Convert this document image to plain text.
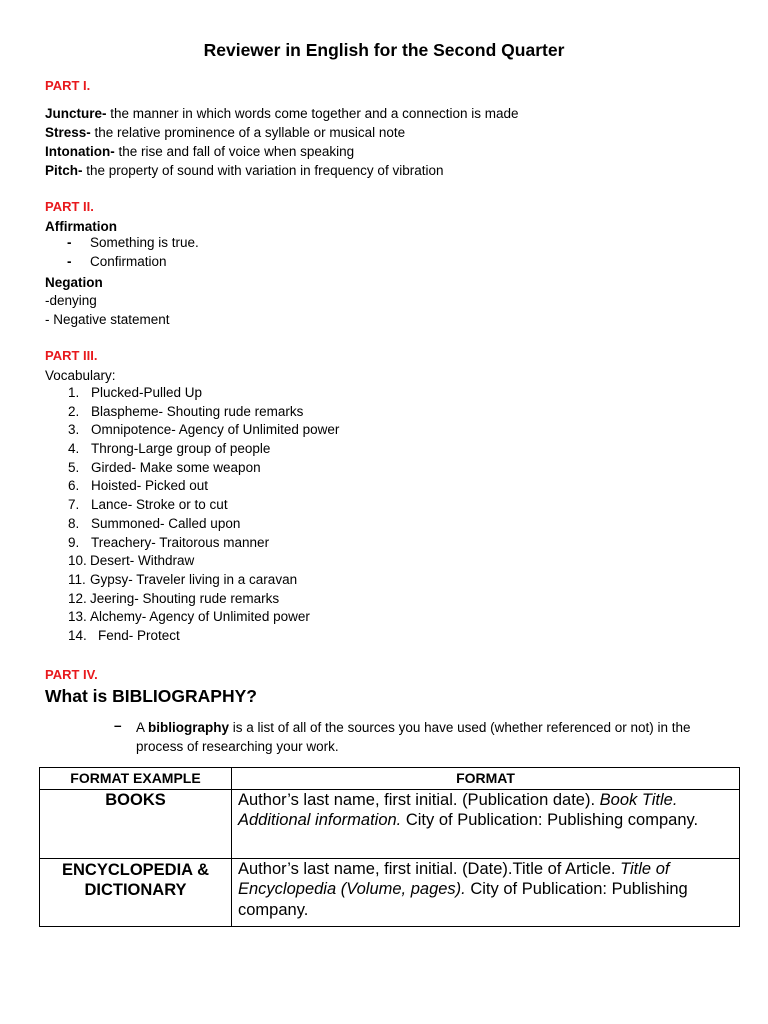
Reviewer in English for the Second Quarter
PART I.
Juncture- the manner in which words come together and a connection is made
Stress- the relative prominence of a syllable or musical note
Intonation- the rise and fall of voice when speaking
Pitch- the property of sound with variation in frequency of vibration
PART II.
Affirmation
- Something is true.
- Confirmation
Negation
-denying
- Negative statement
PART III.
Vocabulary:
1. Plucked-Pulled Up
2. Blaspheme- Shouting rude remarks
3. Omnipotence- Agency of Unlimited power
4. Throng-Large group of people
5. Girded- Make some weapon
6. Hoisted- Picked out
7. Lance- Stroke or to cut
8. Summoned- Called upon
9. Treachery- Traitorous manner
10. Desert- Withdraw
11. Gypsy- Traveler living in a caravan
12. Jeering- Shouting rude remarks
13. Alchemy- Agency of Unlimited power
14. Fend- Protect
PART IV.
What is BIBLIOGRAPHY?
– A bibliography is a list of all of the sources you have used (whether referenced or not) in the process of researching your work.
FORMAT EXAMPLE	FORMAT

BOOKS	Author’s last name, first initial. (Publication date). Book Title. Additional information. City of Publication: Publishing company.

ENCYCLOPEDIA &
DICTIONARY	Author’s last name, first initial. (Date).Title of Article. Title of Encyclopedia (Volume, pages). City of Publication: Publishing company.
